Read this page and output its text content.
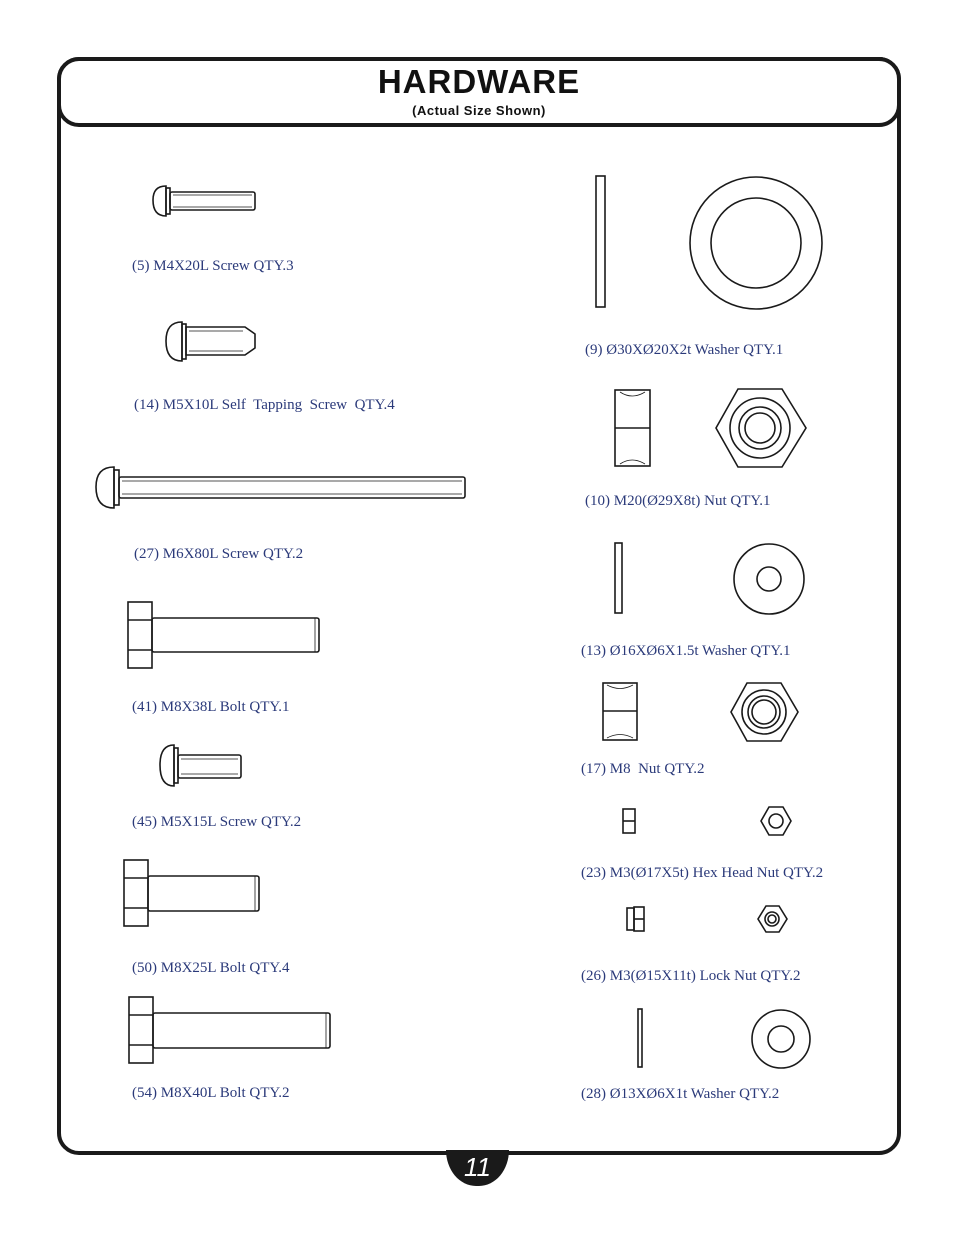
HARDWARE
(Actual Size Shown)
(5) M4X20L Screw QTY.3
(14) M5X10L Self  Tapping  Screw  QTY.4
(27) M6X80L Screw QTY.2
(41) M8X38L Bolt QTY.1
(45) M5X15L Screw QTY.2
(50) M8X25L Bolt QTY.4
(54) M8X40L Bolt QTY.2
(9) Ø30XØ20X2t Washer QTY.1
(10) M20(Ø29X8t) Nut QTY.1
(13) Ø16XØ6X1.5t Washer QTY.1
(17) M8  Nut QTY.2
(23) M3(Ø17X5t) Hex Head Nut QTY.2
(26) M3(Ø15X11t) Lock Nut QTY.2
(28) Ø13XØ6X1t Washer QTY.2
11
